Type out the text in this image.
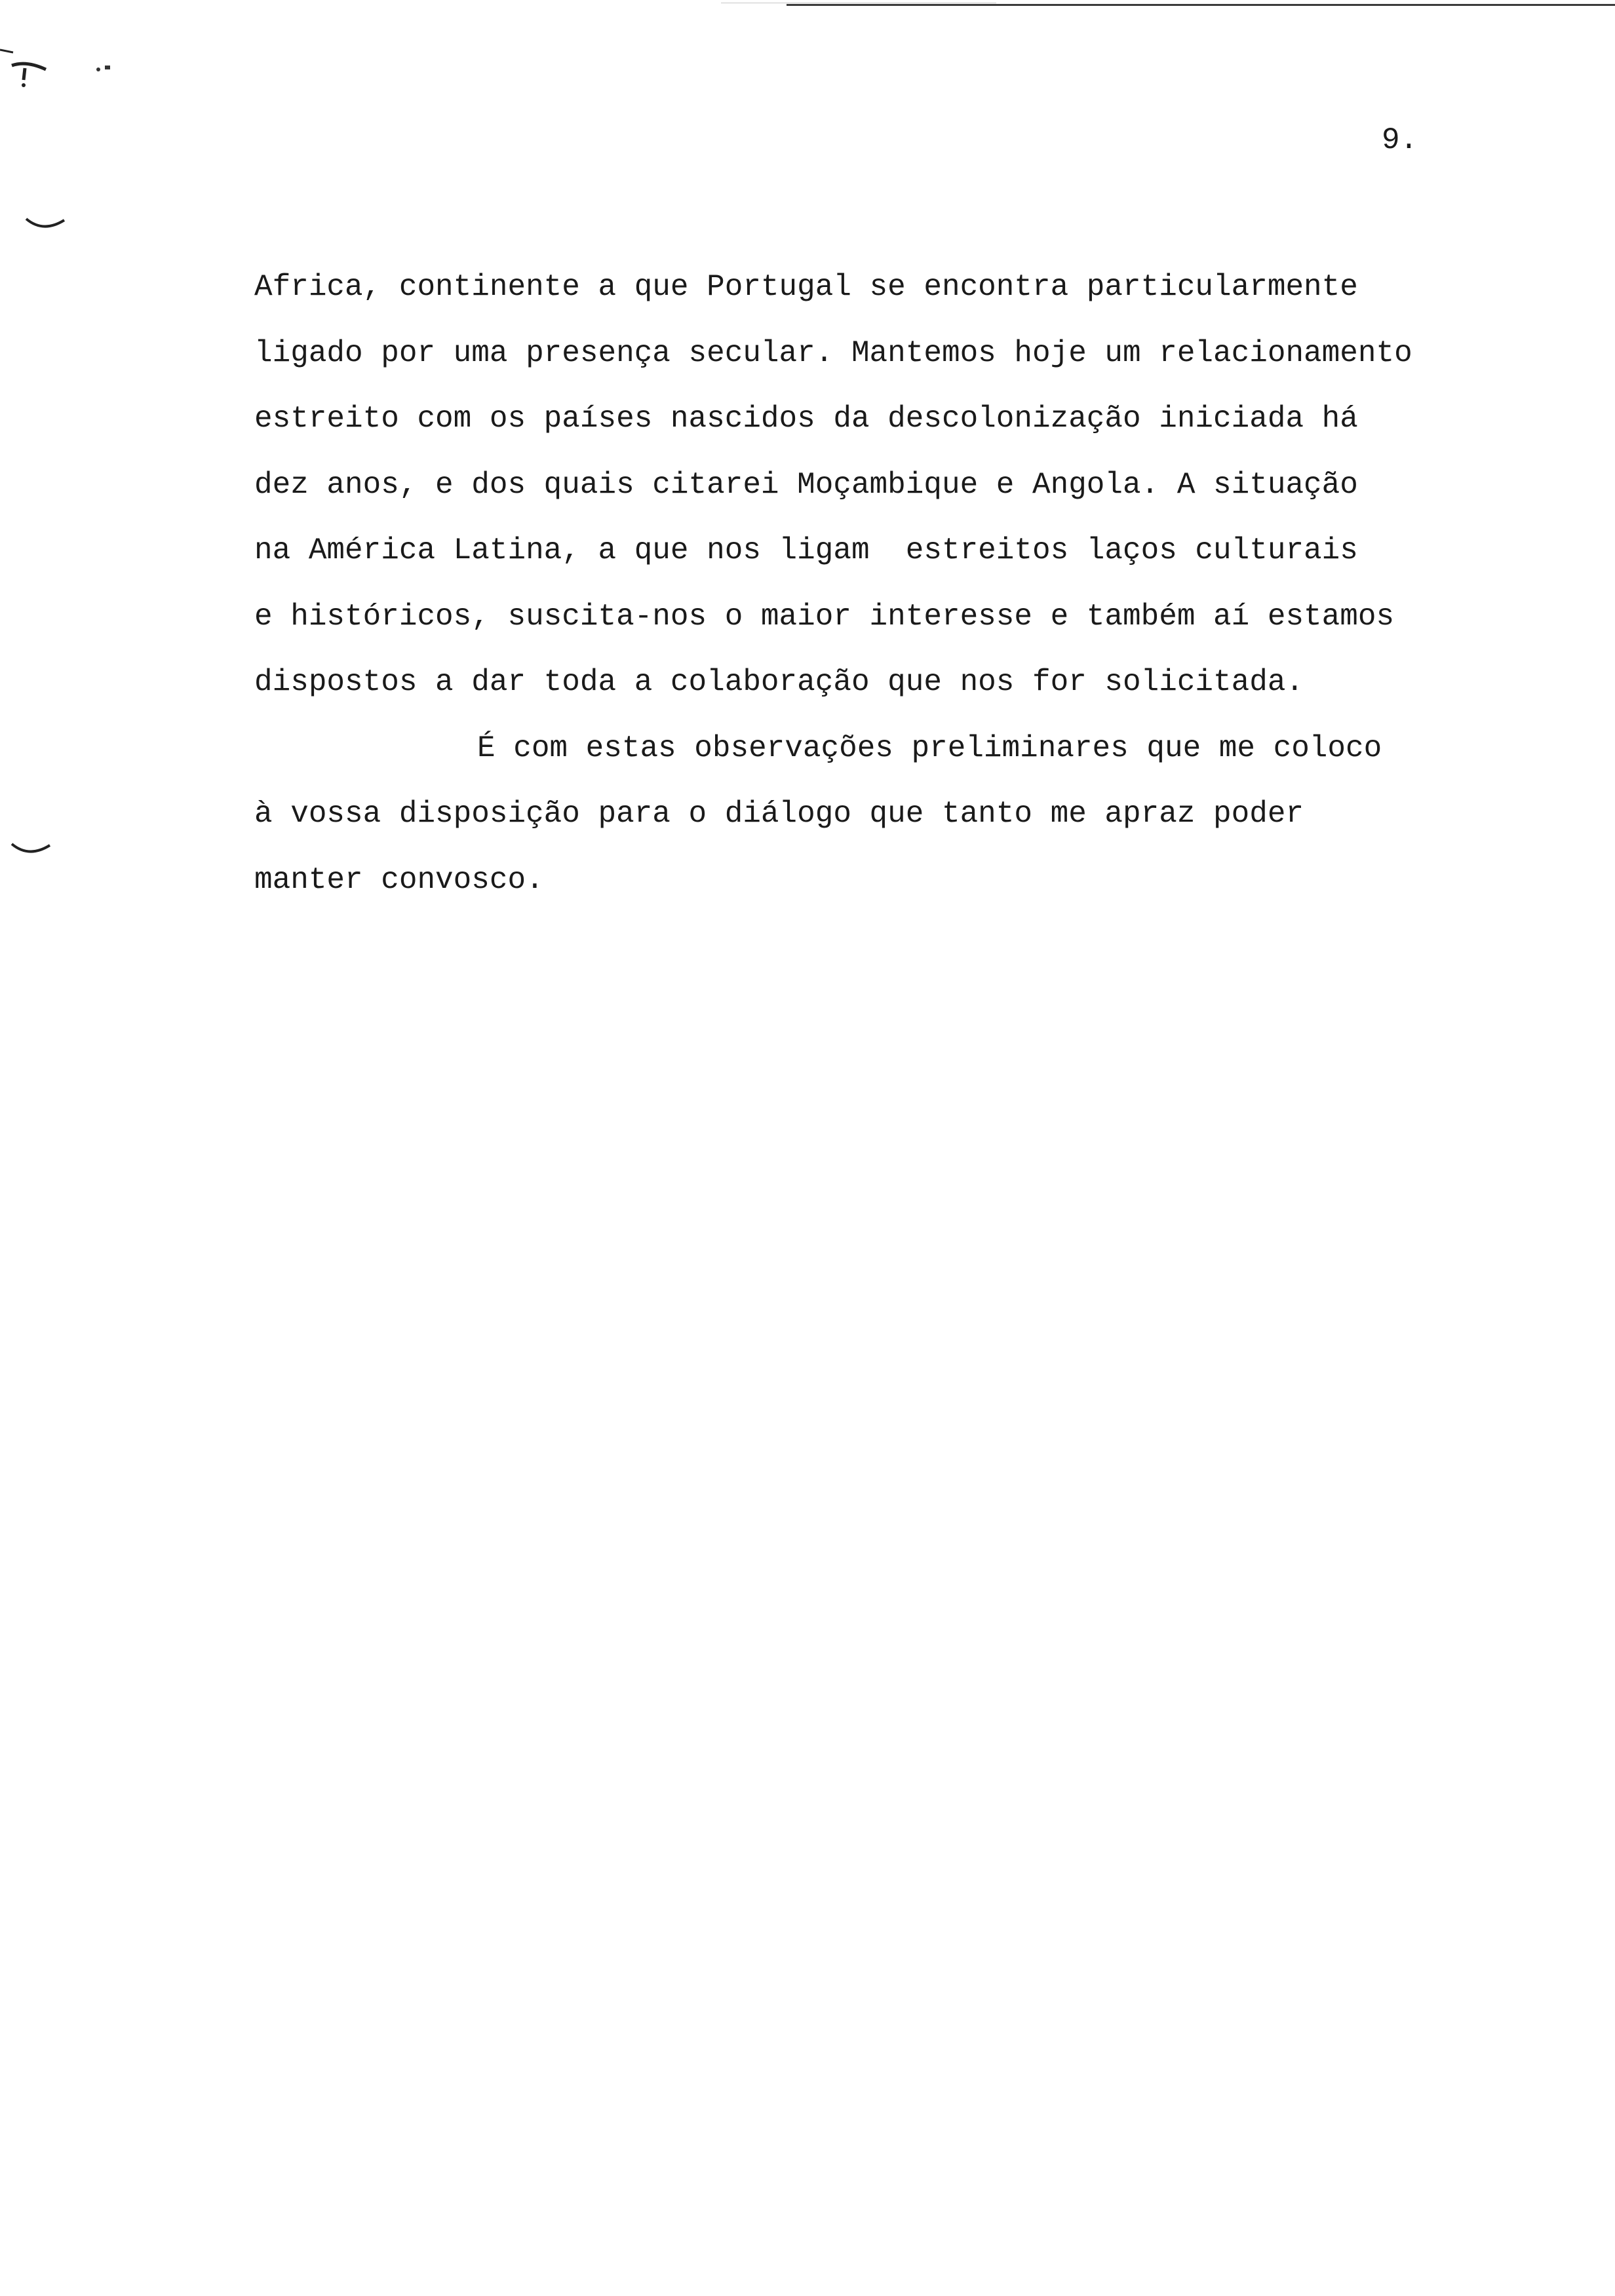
9.
Africa, continente a que Portugal se encontra particularmente
ligado por uma presença secular. Mantemos hoje um relacionamento
estreito com os países nascidos da descolonização iniciada há
dez anos, e dos quais citarei Moçambique e Angola. A situação
na América Latina, a que nos ligam  estreitos laços culturais
e históricos, suscita-nos o maior interesse e também aí estamos
dispostos a dar toda a colaboração que nos for solicitada.
É com estas observações preliminares que me coloco
à vossa disposição para o diálogo que tanto me apraz poder
manter convosco.
